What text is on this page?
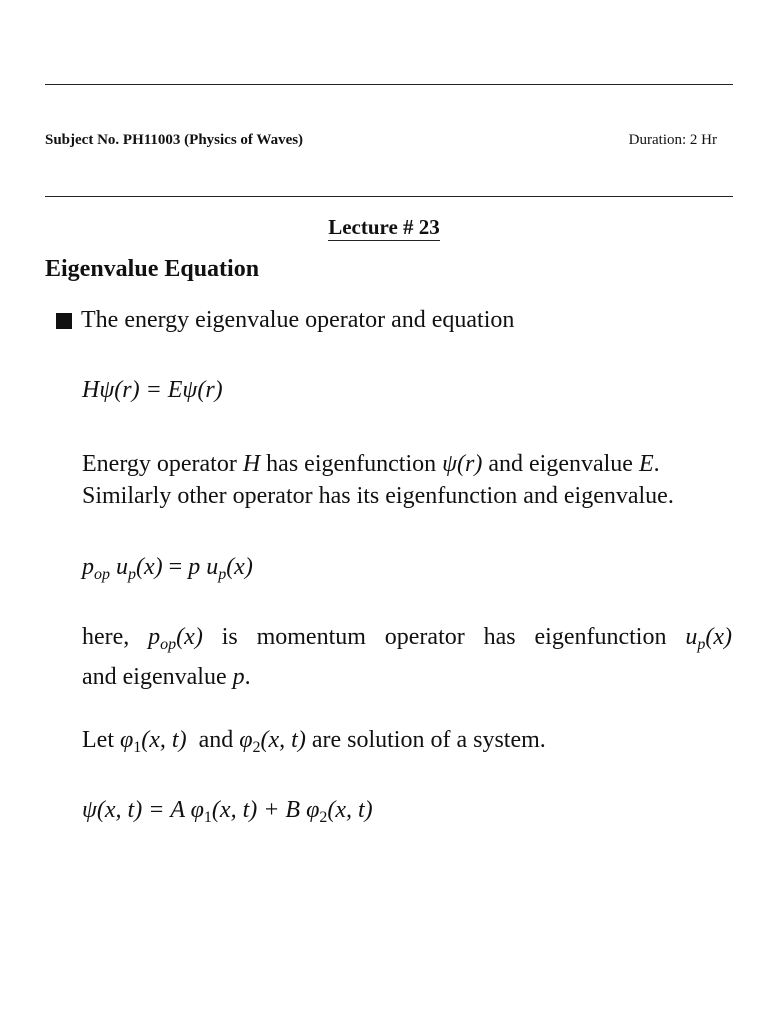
Subject No. PH11003 (Physics of Waves)	Duration: 2 Hr
Lecture # 23
Eigenvalue Equation
The energy eigenvalue operator and equation
Hψ(r) = Eψ(r)
Energy operator H has eigenfunction ψ(r) and eigenvalue E.
Similarly other operator has its eigenfunction and eigenvalue.
$p_{op}$ $u_p(x) = p$ $u_p(x)$
here, $p_{op}(x)$ is momentum operator has eigenfunction $u_p(x)$
and eigenvalue p.
Let $\varphi_1(x$, t)  and $\varphi_2(x$, t) are solution of a system.
ψ(x, t) = A $\varphi_1(x$, t) + B $\varphi_2(x$, t)
